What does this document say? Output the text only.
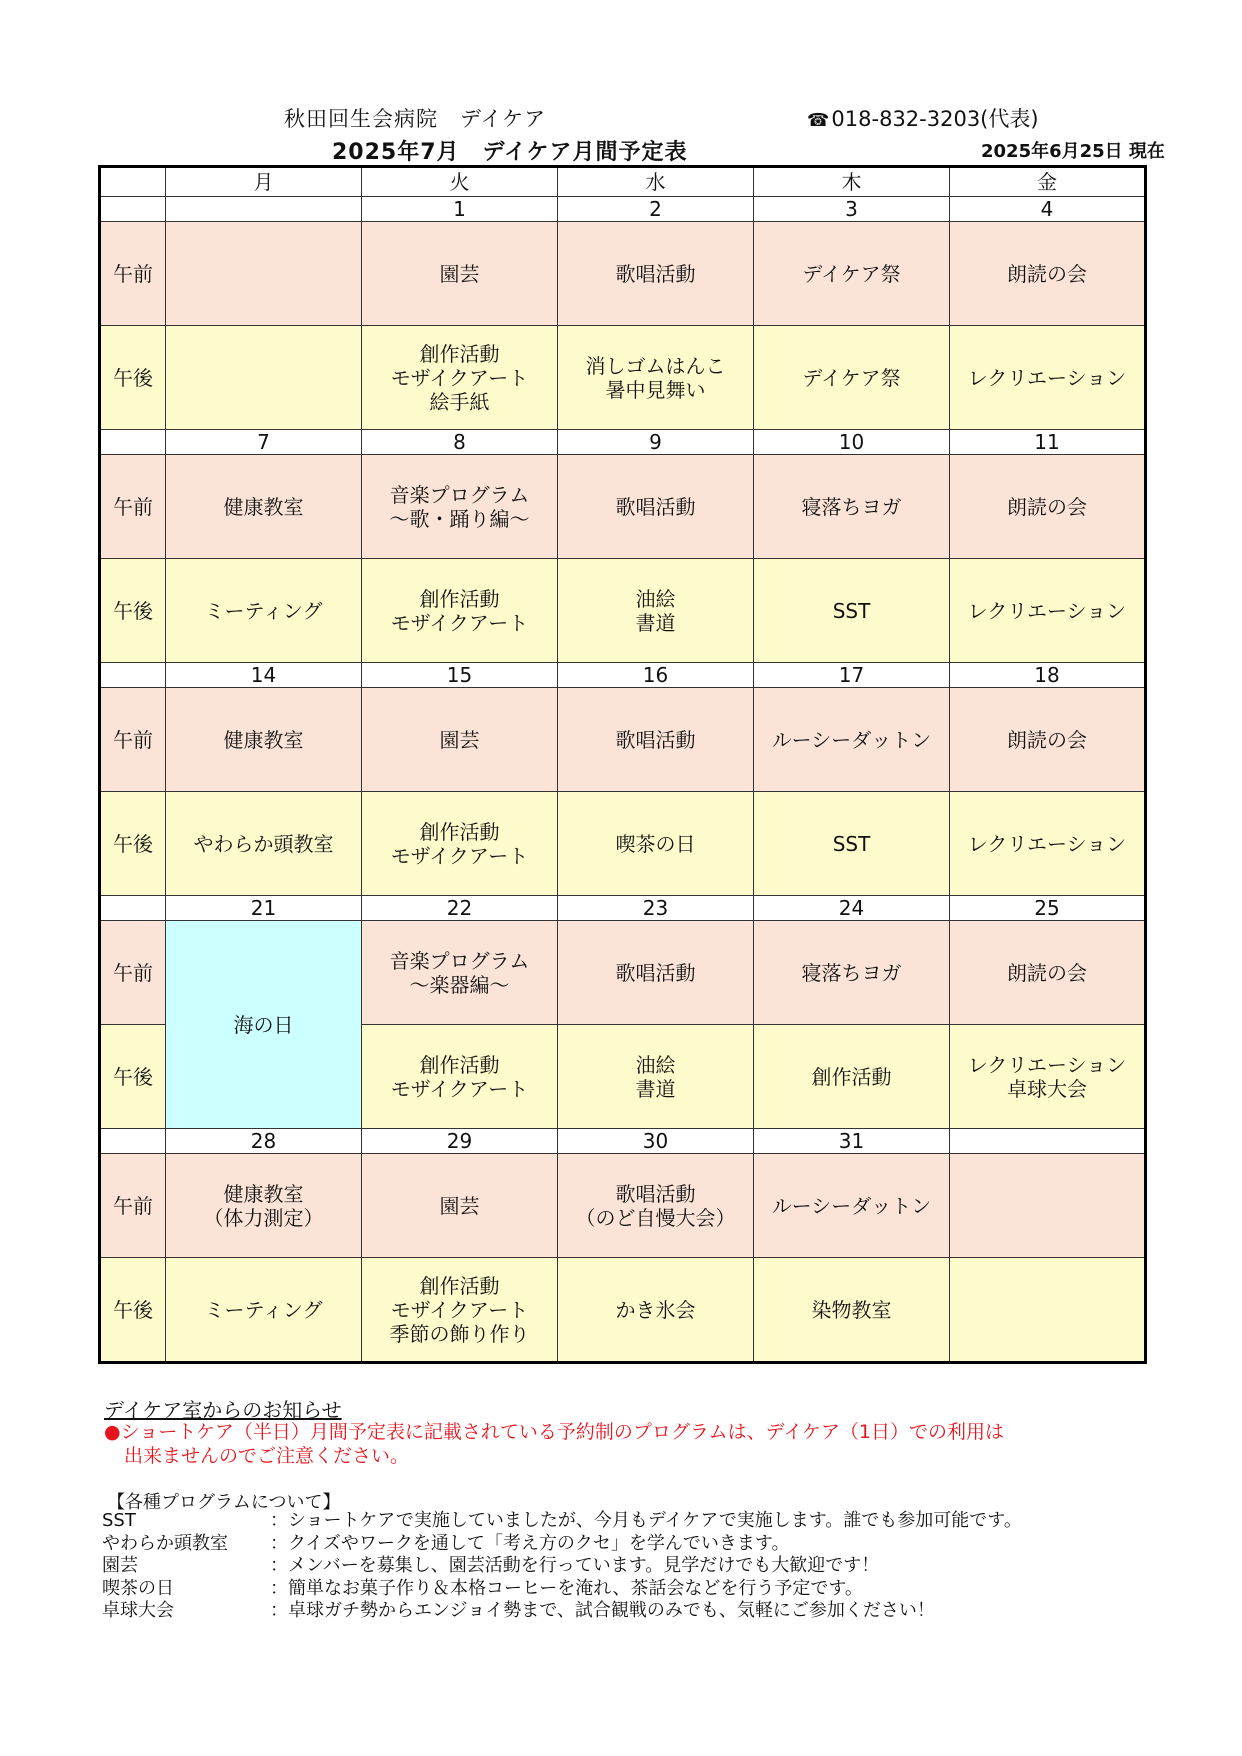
秋田回生会病院　デイケア	☎018-832-3203(代表)
2025年7月　デイケア月間予定表	2025年6月25日 現在
	月	火	水	木	金
		1	2	3	4
午前		園芸	歌唱活動	デイケア祭	朗読の会

午後		創作活動
モザイクアート
絵手紙	消しゴムはんこ
暑中見舞い	デイケア祭	レクリエーション

	7	8	9	10	11
午前	健康教室	音楽プログラム
～歌・踊り編～	歌唱活動	寝落ちヨガ	朗読の会

午後	ミーティング	創作活動
モザイクアート	油絵
書道	SST	レクリエーション

	14	15	16	17	18
午前	健康教室	園芸	歌唱活動	ルーシーダットン	朗読の会

午後	やわらか頭教室	創作活動
モザイクアート	喫茶の日	SST	レクリエーション

	21	22	23	24	25
午前	海の日	音楽プログラム
～楽器編～	歌唱活動	寝落ちヨガ	朗読の会

午後		創作活動
モザイクアート	油絵
書道	創作活動	レクリエーション
卓球大会

	28	29	30	31	
午前	健康教室
（体力測定）	園芸	歌唱活動
（のど自慢大会）	ルーシーダットン	

午後	ミーティング	創作活動
モザイクアート
季節の飾り作り	かき氷会	染物教室	

デイケア室からのお知らせ
●ショートケア（半日）月間予定表に記載されている予約制のプログラムは、デイケア（1日）での利用は
出来ませんのでご注意ください。
【各種プログラムについて】
SST	：ショートケアで実施していましたが、今月もデイケアで実施します。誰でも参加可能です。
やわらか頭教室	：クイズやワークを通して「考え方のクセ」を学んでいきます。
園芸	：メンバーを募集し、園芸活動を行っています。見学だけでも大歓迎です！
喫茶の日	：簡単なお菓子作り＆本格コーヒーを淹れ、茶話会などを行う予定です。
卓球大会	：卓球ガチ勢からエンジョイ勢まで、試合観戦のみでも、気軽にご参加ください！
